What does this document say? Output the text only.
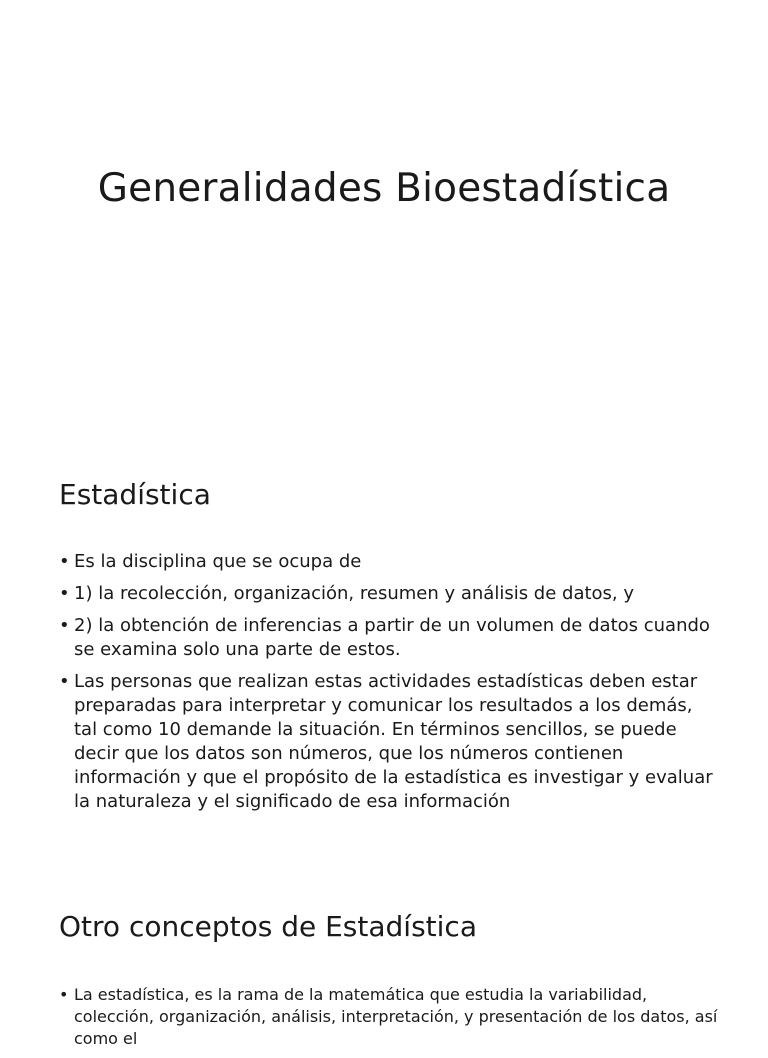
Generalidades Bioestadística
Estadística
• Es la disciplina que se ocupa de
• 1) la recolección, organización, resumen y análisis de datos, y
• 2) la obtención de inferencias a partir de un volumen de datos cuando se examina solo una parte de estos.
• Las personas que realizan estas actividades estadísticas deben estar preparadas para interpretar y comunicar los resultados a los demás, tal como 10 demande la situación. En términos sencillos, se puede decir que los datos son números, que los números contienen información y que el propósito de la estadística es investigar y evaluar la naturaleza y el significado de esa información
Otro conceptos de Estadística
• La estadística, es la rama de la matemática que estudia la variabilidad, colección, organización, análisis, interpretación, y presentación de los datos, así como el
